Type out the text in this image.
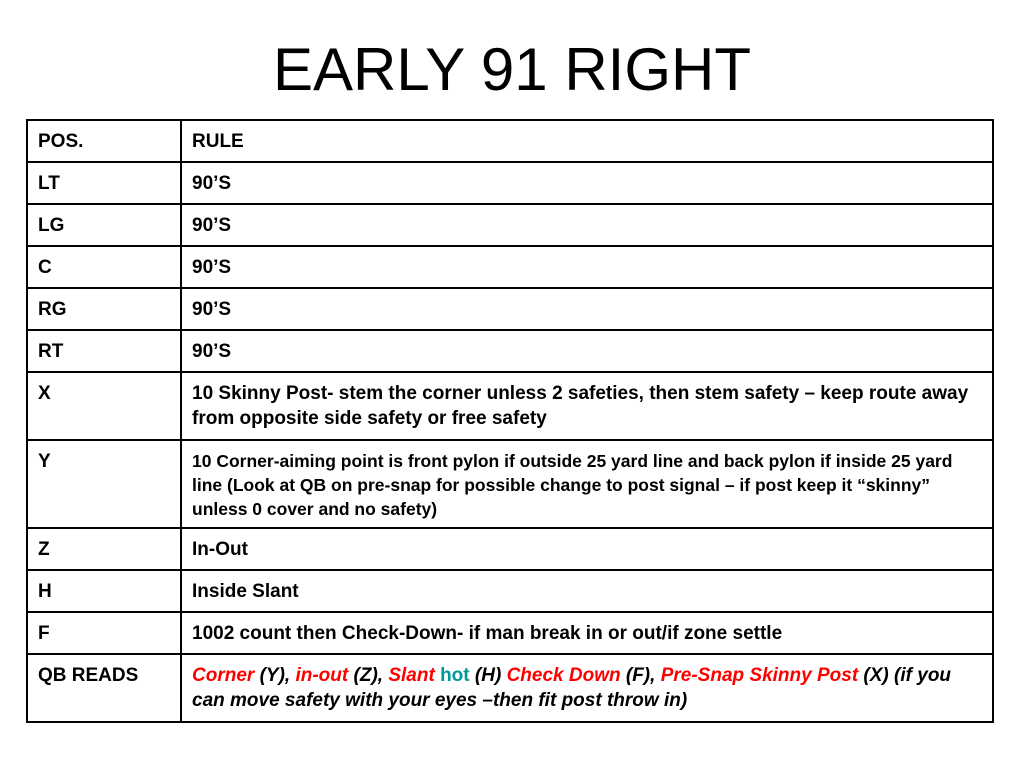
EARLY 91 RIGHT
POS.	RULE
LT	90’S
LG	90’S
C	90’S
RG	90’S
RT	90’S
X	10 Skinny Post- stem the corner unless 2 safeties, then stem safety – keep route away from opposite side safety or free safety
Y	10 Corner-aiming point is front pylon if outside 25 yard line and back pylon if inside 25 yard line (Look at QB on pre-snap for possible change to post signal – if post keep it “skinny” unless 0 cover and no safety)
Z	In-Out
H	Inside Slant
F	1002 count then Check-Down- if man break in or out/if zone settle
QB READS	Corner (Y), in-out (Z), Slant hot (H) Check Down (F), Pre-Snap Skinny Post (X) (if you can move safety with your eyes –then fit post throw in)
